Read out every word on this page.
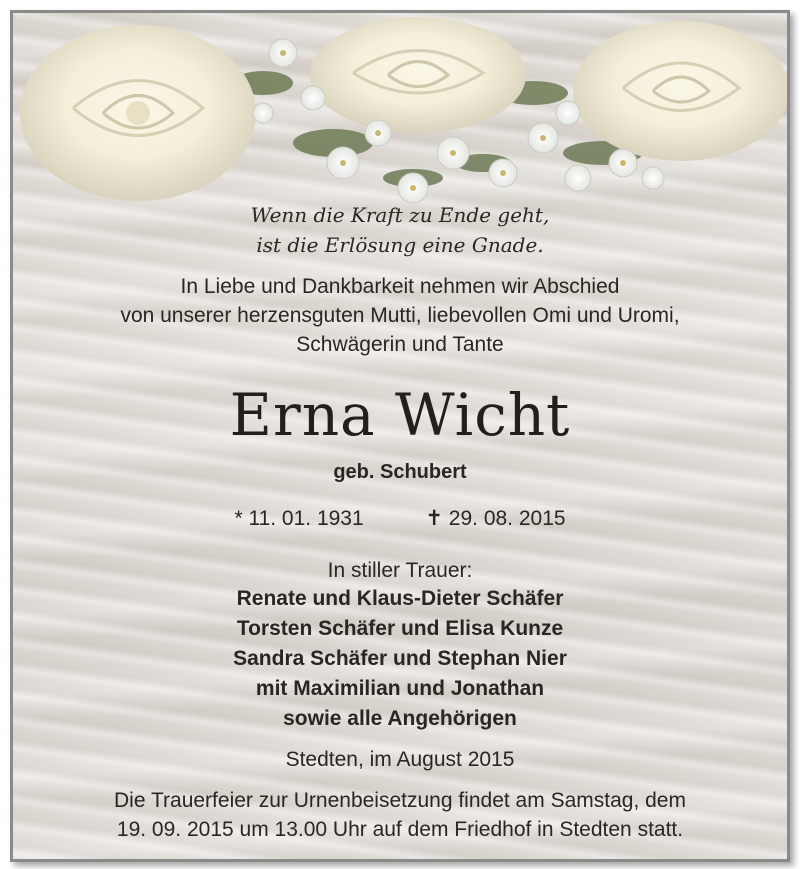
Wenn die Kraft zu Ende geht,
ist die Erlösung eine Gnade.
In Liebe und Dankbarkeit nehmen wir Abschied
von unserer herzensguten Mutti, liebevollen Omi und Uromi,
Schwägerin und Tante
Erna Wicht
geb. Schubert
* 11. 01. 1931	✝ 29. 08. 2015
In stiller Trauer:
Renate und Klaus-Dieter Schäfer
Torsten Schäfer und Elisa Kunze
Sandra Schäfer und Stephan Nier
mit Maximilian und Jonathan
sowie alle Angehörigen
Stedten, im August 2015
Die Trauerfeier zur Urnenbeisetzung findet am Samstag, dem
19. 09. 2015 um 13.00 Uhr auf dem Friedhof in Stedten statt.
